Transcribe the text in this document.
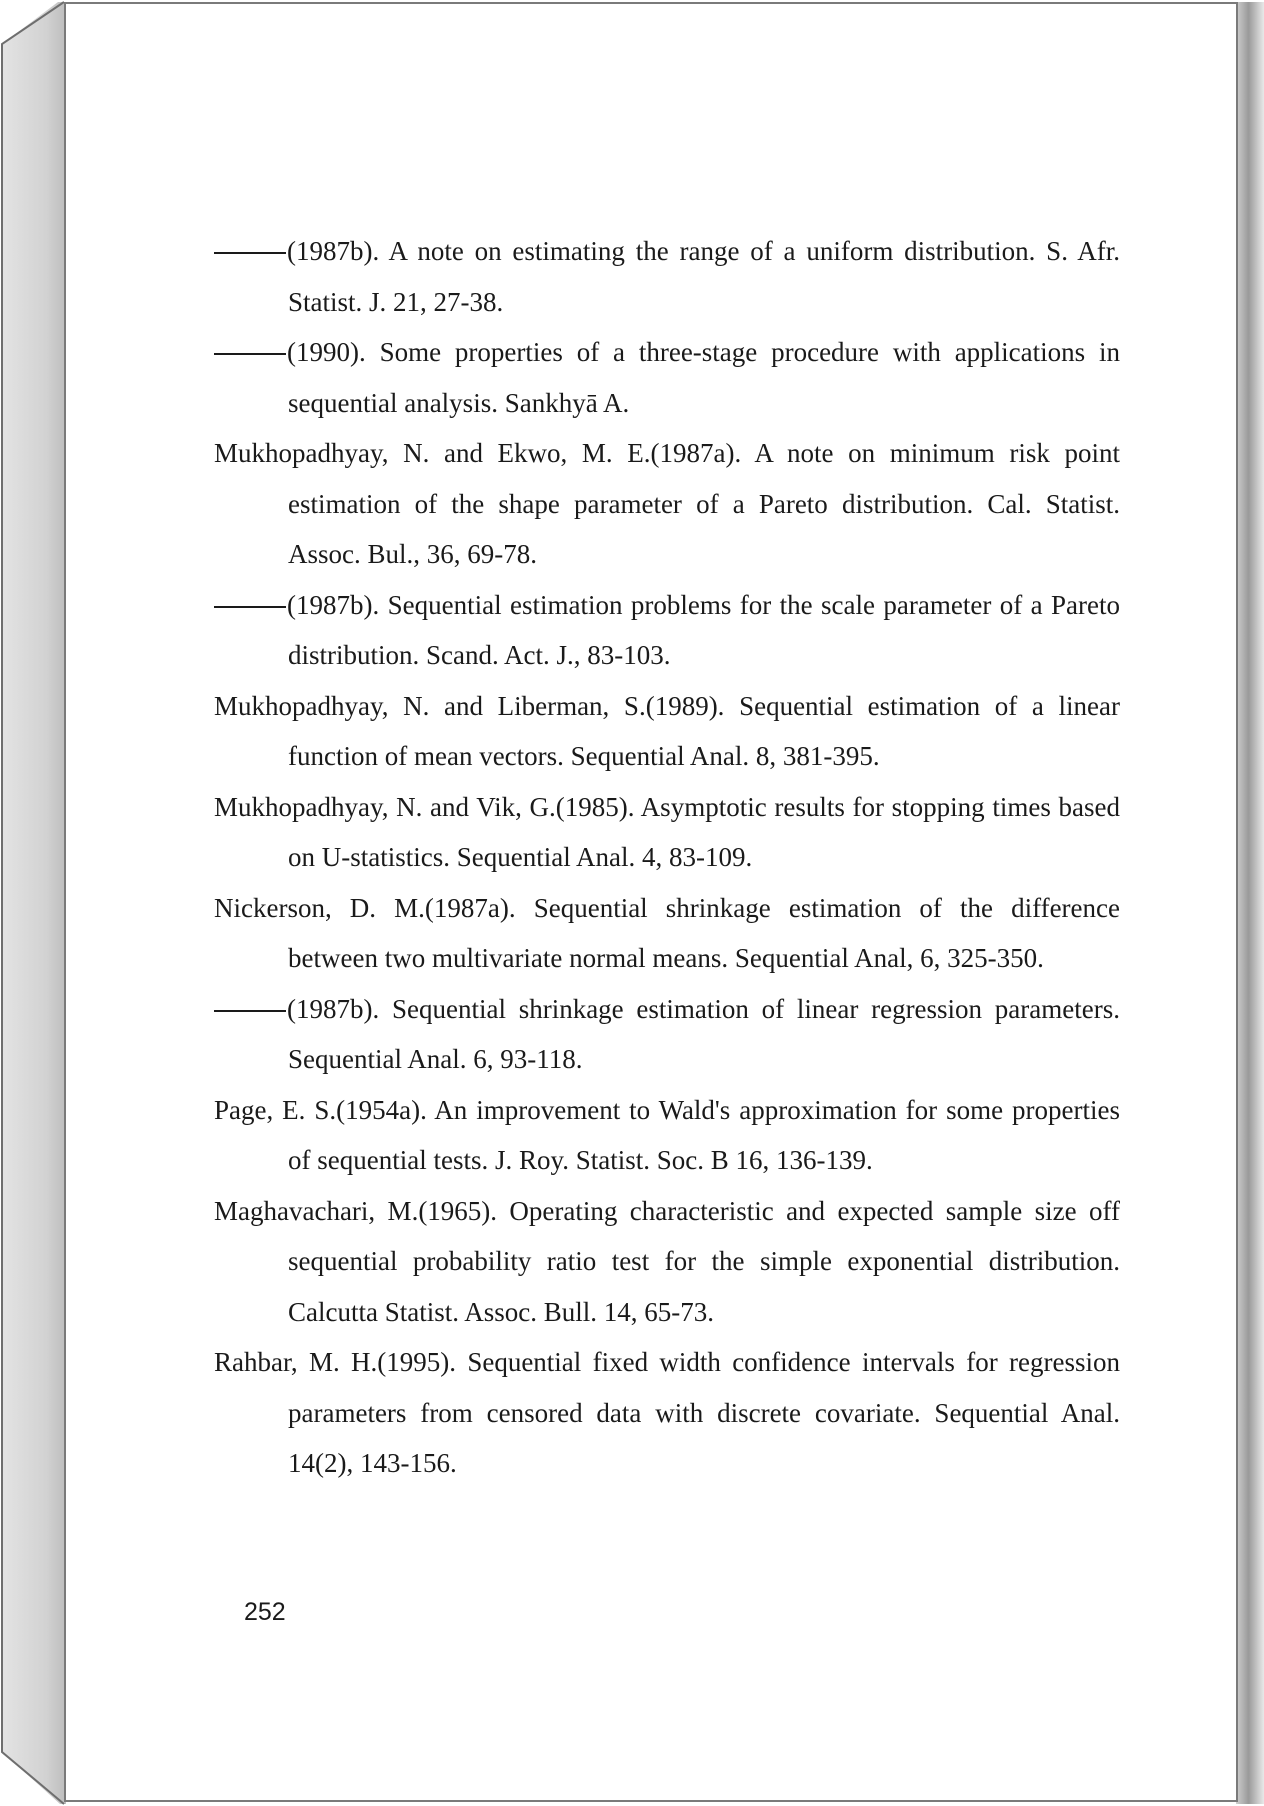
(1987b). A note on estimating the range of a uniform distribution. S. Afr. Statist. J. 21, 27-38.

(1990). Some properties of a three-stage procedure with applications in sequential analysis. Sankhyā A.

Mukhopadhyay, N. and Ekwo, M. E.(1987a). A note on minimum risk point estimation of the shape parameter of a Pareto distribution. Cal. Statist. Assoc. Bul., 36, 69-78.

(1987b). Sequential estimation problems for the scale parameter of a Pareto distribution. Scand. Act. J., 83-103.

Mukhopadhyay, N. and Liberman, S.(1989). Sequential estimation of a linear function of mean vectors. Sequential Anal. 8, 381-395.

Mukhopadhyay, N. and Vik, G.(1985). Asymptotic results for stopping times based on U-statistics. Sequential Anal. 4, 83-109.

Nickerson, D. M.(1987a). Sequential shrinkage estimation of the difference between two multivariate normal means. Sequential Anal, 6, 325-350.

(1987b). Sequential shrinkage estimation of linear regression parameters. Sequential Anal. 6, 93-118.

Page, E. S.(1954a). An improvement to Wald's approximation for some properties of sequential tests. J. Roy. Statist. Soc. B 16, 136-139.

Maghavachari, M.(1965). Operating characteristic and expected sample size off sequential probability ratio test for the simple exponential distribution. Calcutta Statist. Assoc. Bull. 14, 65-73.

Rahbar, M. H.(1995). Sequential fixed width confidence intervals for regression parameters from censored data with discrete covariate. Sequential Anal. 14(2), 143-156.

252
